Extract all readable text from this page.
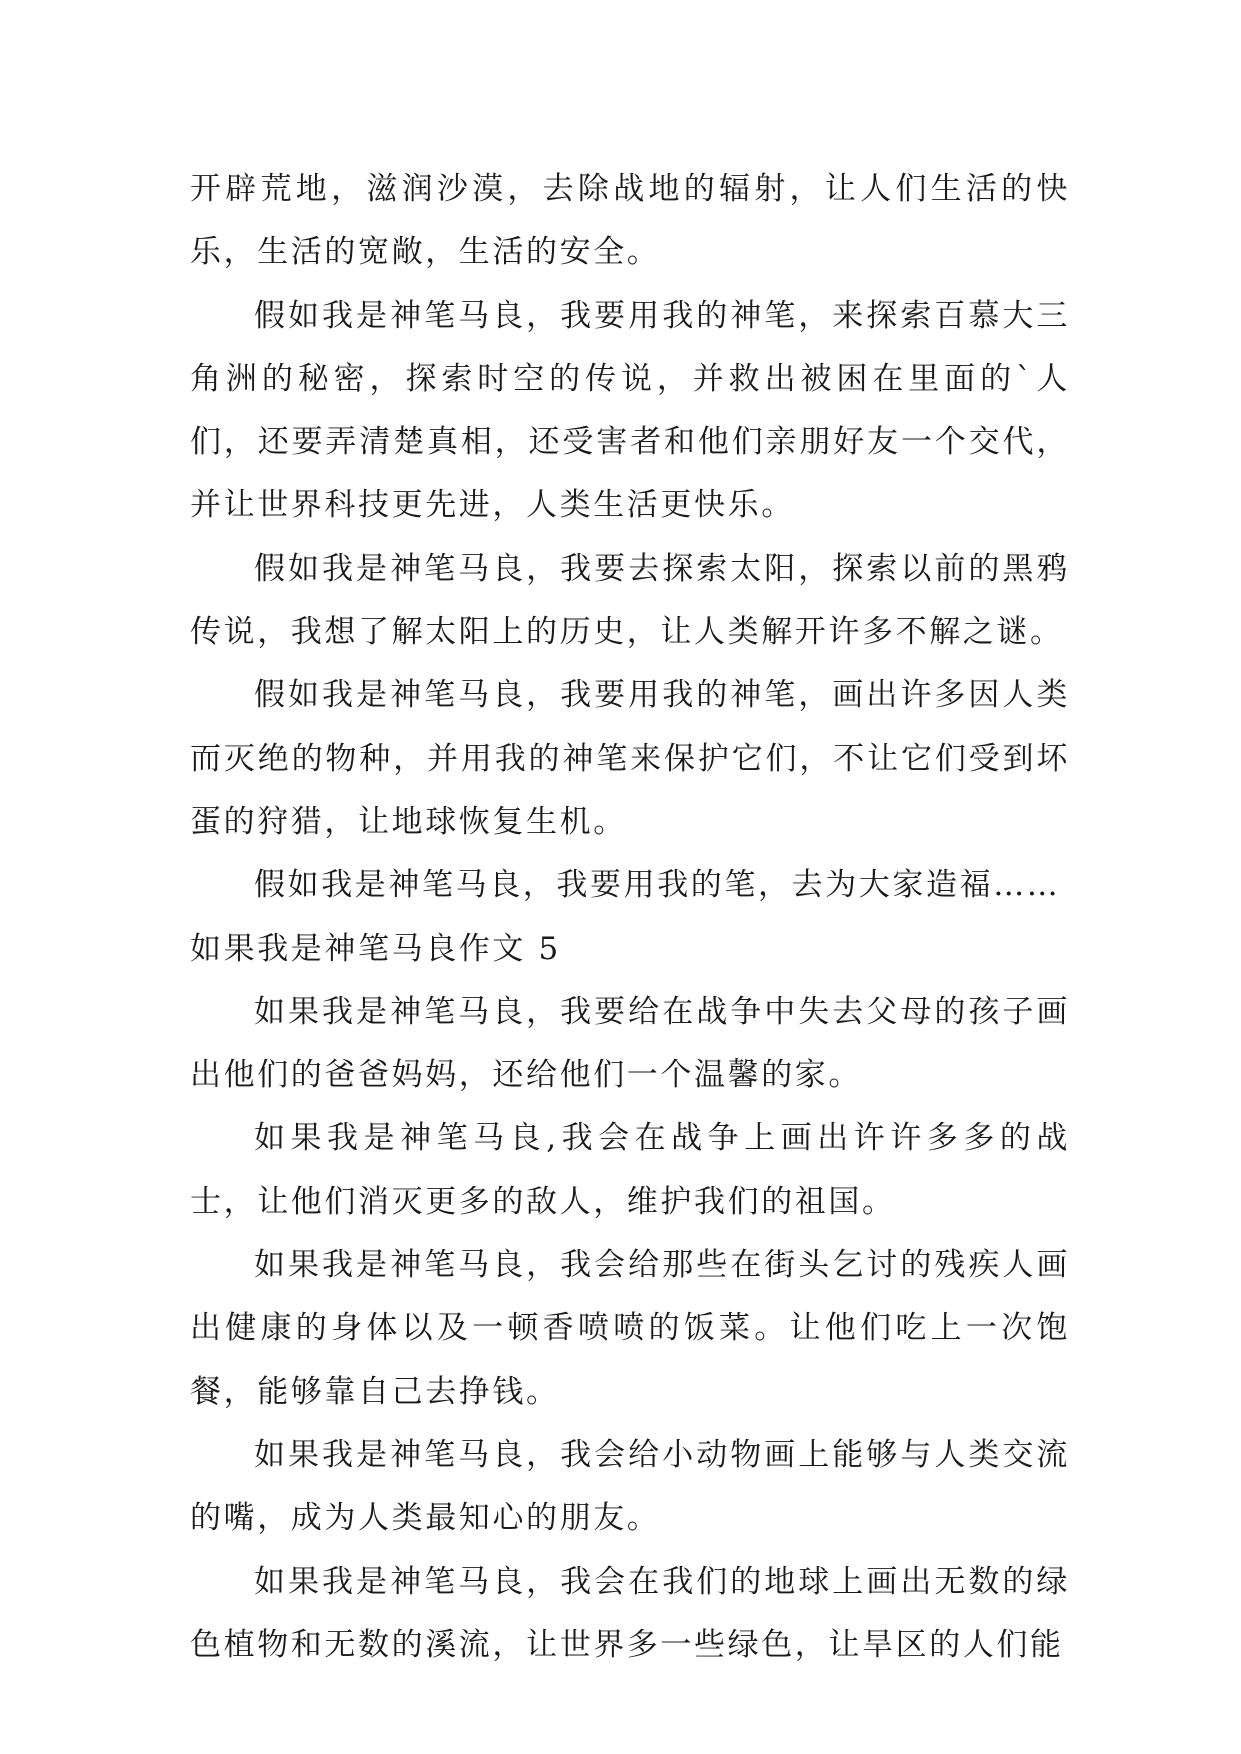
开辟荒地，滋润沙漠，去除战地的辐射，让人们生活的快乐，生活的宽敞，生活的安全。

假如我是神笔马良，我要用我的神笔，来探索百慕大三角洲的秘密，探索时空的传说，并救出被困在里面的`人们，还要弄清楚真相，还受害者和他们亲朋好友一个交代，并让世界科技更先进，人类生活更快乐。

假如我是神笔马良，我要去探索太阳，探索以前的黑鸦传说，我想了解太阳上的历史，让人类解开许多不解之谜。

假如我是神笔马良，我要用我的神笔，画出许多因人类而灭绝的物种，并用我的神笔来保护它们，不让它们受到坏蛋的狩猎，让地球恢复生机。

假如我是神笔马良，我要用我的笔，去为大家造福……

如果我是神笔马良作文 5

如果我是神笔马良，我要给在战争中失去父母的孩子画出他们的爸爸妈妈，还给他们一个温馨的家。

如果我是神笔马良,我会在战争上画出许许多多的战士，让他们消灭更多的敌人，维护我们的祖国。

如果我是神笔马良，我会给那些在街头乞讨的残疾人画出健康的身体以及一顿香喷喷的饭菜。让他们吃上一次饱餐，能够靠自己去挣钱。

如果我是神笔马良，我会给小动物画上能够与人类交流的嘴，成为人类最知心的朋友。

如果我是神笔马良，我会在我们的地球上画出无数的绿色植物和无数的溪流，让世界多一些绿色，让旱区的人们能
